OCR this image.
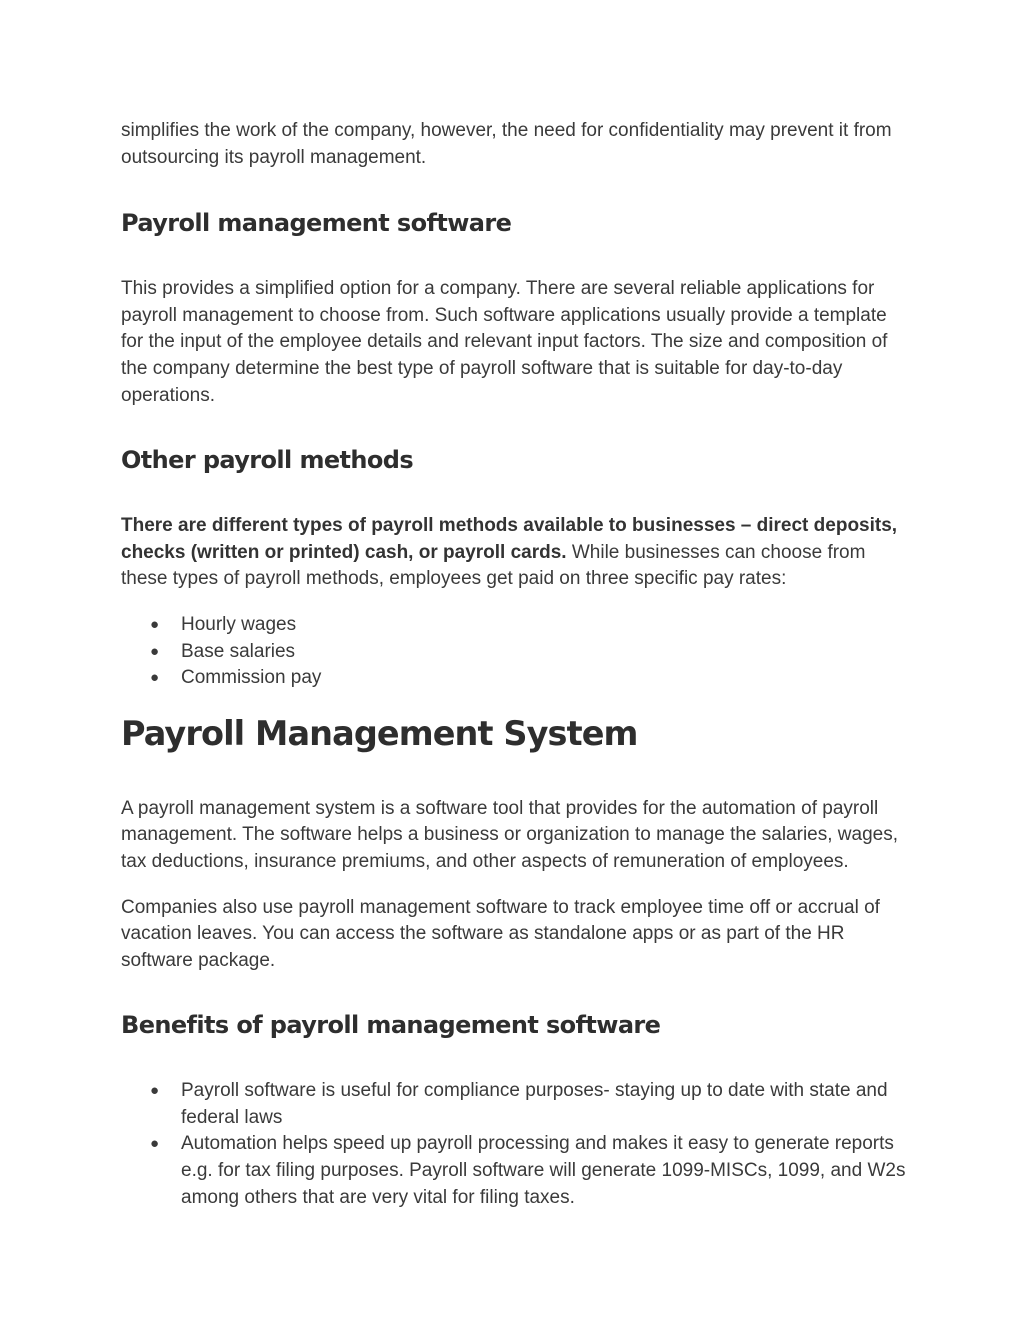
simplifies the work of the company, however, the need for confidentiality may prevent it from outsourcing its payroll management.

Payroll management software

This provides a simplified option for a company. There are several reliable applications for payroll management to choose from. Such software applications usually provide a template for the input of the employee details and relevant input factors. The size and composition of the company determine the best type of payroll software that is suitable for day-to-day operations.

Other payroll methods

There are different types of payroll methods available to businesses – direct deposits, checks (written or printed) cash, or payroll cards. While businesses can choose from these types of payroll methods, employees get paid on three specific pay rates:

● Hourly wages
● Base salaries
● Commission pay
Payroll Management System

A payroll management system is a software tool that provides for the automation of payroll management. The software helps a business or organization to manage the salaries, wages, tax deductions, insurance premiums, and other aspects of remuneration of employees.

Companies also use payroll management software to track employee time off or accrual of vacation leaves. You can access the software as standalone apps or as part of the HR software package.

Benefits of payroll management software
● Payroll software is useful for compliance purposes- staying up to date with state and federal laws
● Automation helps speed up payroll processing and makes it easy to generate reports e.g. for tax filing purposes. Payroll software will generate 1099-MISCs, 1099, and W2s among others that are very vital for filing taxes.
